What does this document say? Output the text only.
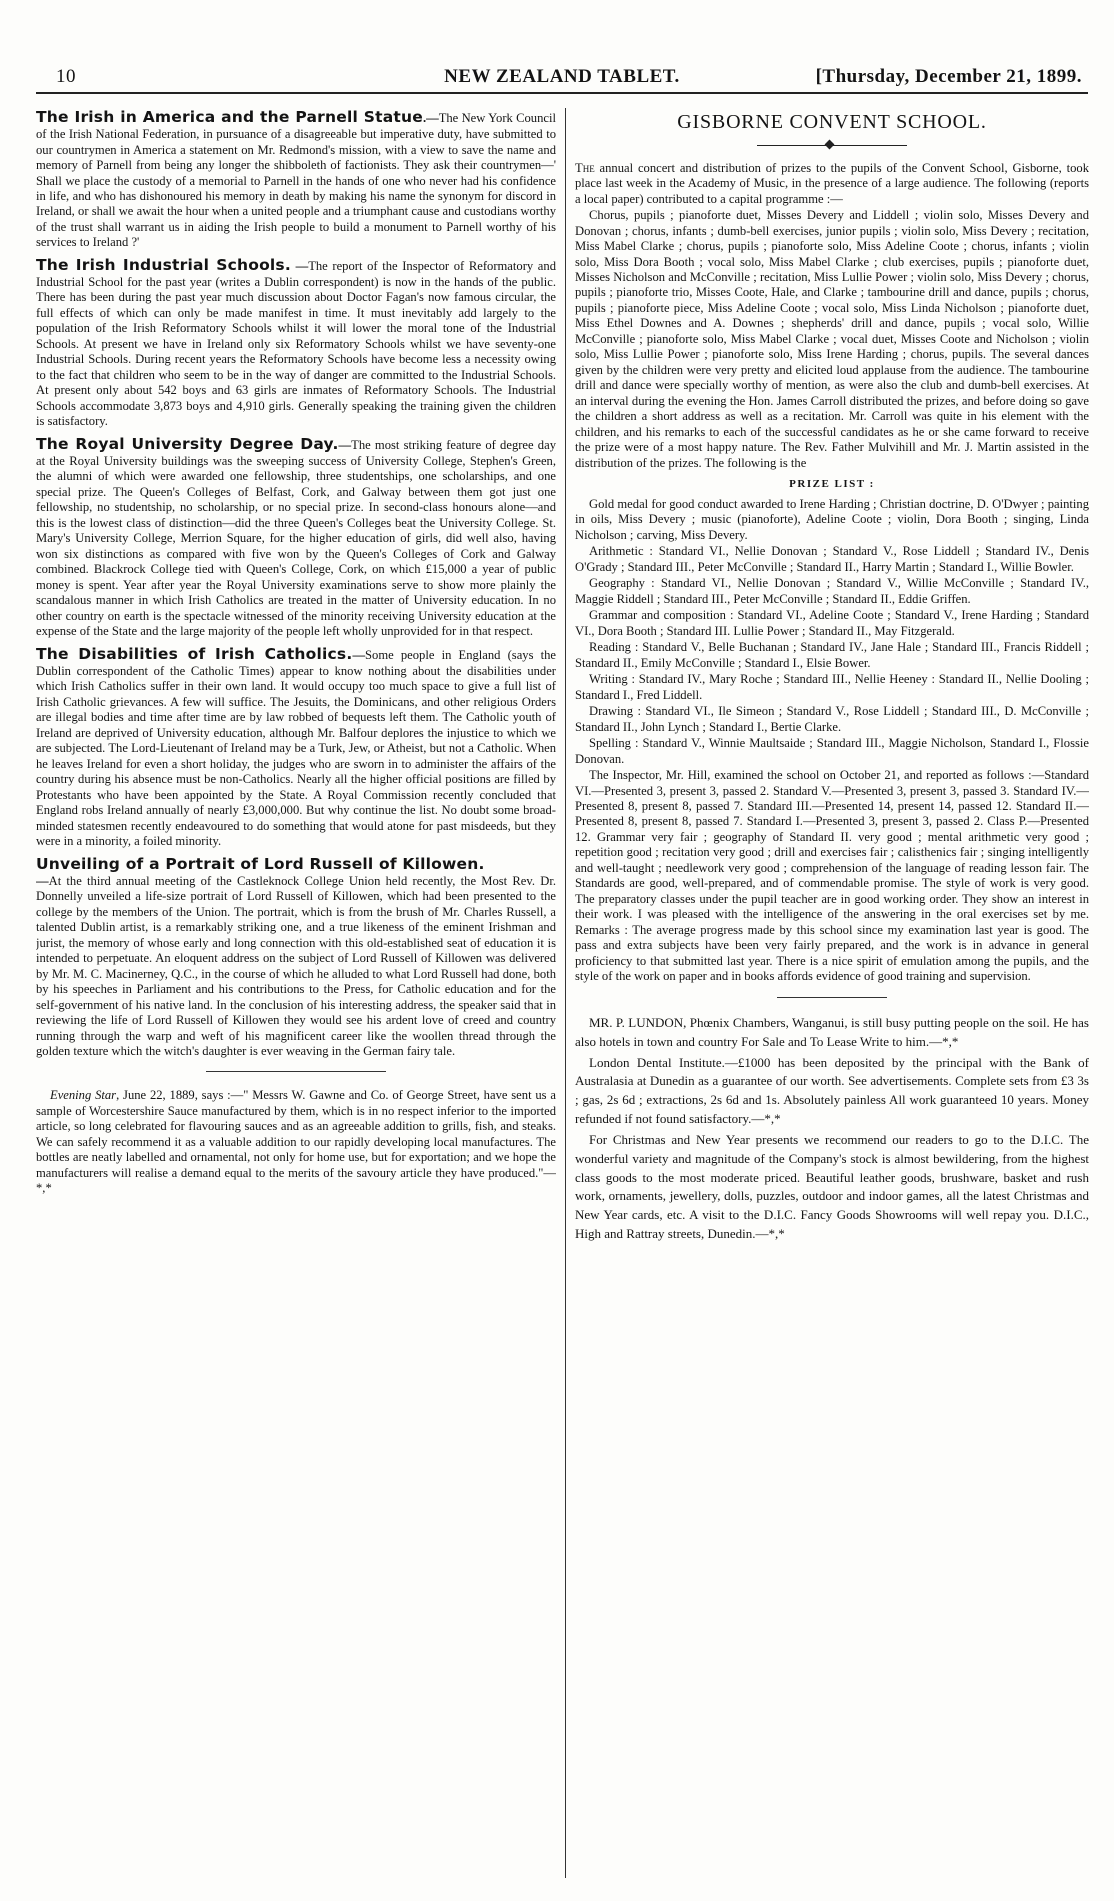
10	NEW ZEALAND TABLET.	[Thursday, December 21, 1899.

The Irish in America and the Parnell Statue.—The New York Council of the Irish National Federation, in pursuance of a disagreeable but imperative duty, have submitted to our countrymen in America a statement on Mr. Redmond's mission, with a view to save the name and memory of Parnell from being any longer the shibboleth of factionists. They ask their countrymen—' Shall we place the custody of a memorial to Parnell in the hands of one who never had his confidence in life, and who has dishonoured his memory in death by making his name the synonym for discord in Ireland, or shall we await the hour when a united people and a triumphant cause and custodians worthy of the trust shall warrant us in aiding the Irish people to build a monument to Parnell worthy of his services to Ireland ?'

The Irish Industrial Schools. —The report of the Inspector of Reformatory and Industrial School for the past year (writes a Dublin correspondent) is now in the hands of the public. There has been during the past year much discussion about Doctor Fagan's now famous circular, the full effects of which can only be made manifest in time. It must inevitably add largely to the population of the Irish Reformatory Schools whilst it will lower the moral tone of the Industrial Schools. At present we have in Ireland only six Reformatory Schools whilst we have seventy-one Industrial Schools. During recent years the Reformatory Schools have become less a necessity owing to the fact that children who seem to be in the way of danger are committed to the Industrial Schools. At present only about 542 boys and 63 girls are inmates of Reformatory Schools. The Industrial Schools accommodate 3,873 boys and 4,910 girls. Generally speaking the training given the children is satisfactory.

The Royal University Degree Day.—The most striking feature of degree day at the Royal University buildings was the sweeping success of University College, Stephen's Green, the alumni of which were awarded one fellowship, three studentships, one scholarships, and one special prize. The Queen's Colleges of Belfast, Cork, and Galway between them got just one fellowship, no studentship, no scholarship, or no special prize. In second-class honours alone—and this is the lowest class of distinction—did the three Queen's Colleges beat the University College. St. Mary's University College, Merrion Square, for the higher education of girls, did well also, having won six distinctions as compared with five won by the Queen's Colleges of Cork and Galway combined. Blackrock College tied with Queen's College, Cork, on which £15,000 a year of public money is spent. Year after year the Royal University examinations serve to show more plainly the scandalous manner in which Irish Catholics are treated in the matter of University education. In no other country on earth is the spectacle witnessed of the minority receiving University education at the expense of the State and the large majority of the people left wholly unprovided for in that respect.

The Disabilities of Irish Catholics.—Some people in England (says the Dublin correspondent of the Catholic Times) appear to know nothing about the disabilities under which Irish Catholics suffer in their own land. It would occupy too much space to give a full list of Irish Catholic grievances. A few will suffice. The Jesuits, the Dominicans, and other religious Orders are illegal bodies and time after time are by law robbed of bequests left them. The Catholic youth of Ireland are deprived of University education, although Mr. Balfour deplores the injustice to which we are subjected. The Lord-Lieutenant of Ireland may be a Turk, Jew, or Atheist, but not a Catholic. When he leaves Ireland for even a short holiday, the judges who are sworn in to administer the affairs of the country during his absence must be non-Catholics. Nearly all the higher official positions are filled by Protestants who have been appointed by the State. A Royal Commission recently concluded that England robs Ireland annually of nearly £3,000,000. But why continue the list. No doubt some broad-minded statesmen recently endeavoured to do something that would atone for past misdeeds, but they were in a minority, a foiled minority.

Unveiling of a Portrait of Lord Russell of Killowen.
—At the third annual meeting of the Castleknock College Union held recently, the Most Rev. Dr. Donnelly unveiled a life-size portrait of Lord Russell of Killowen, which had been presented to the college by the members of the Union. The portrait, which is from the brush of Mr. Charles Russell, a talented Dublin artist, is a remarkably striking one, and a true likeness of the eminent Irishman and jurist, the memory of whose early and long connection with this old-established seat of education it is intended to perpetuate. An eloquent address on the subject of Lord Russell of Killowen was delivered by Mr. M. C. Macinerney, Q.C., in the course of which he alluded to what Lord Russell had done, both by his speeches in Parliament and his contributions to the Press, for Catholic education and for the self-government of his native land. In the conclusion of his interesting address, the speaker said that in reviewing the life of Lord Russell of Killowen they would see his ardent love of creed and country running through the warp and weft of his magnificent career like the woollen thread through the golden texture which the witch's daughter is ever weaving in the German fairy tale.

Evening Star, June 22, 1889, says :—" Messrs W. Gawne and Co. of George Street, have sent us a sample of Worcestershire Sauce manufactured by them, which is in no respect inferior to the imported article, so long celebrated for flavouring sauces and as an agreeable addition to grills, fish, and steaks. We can safely recommend it as a valuable addition to our rapidly developing local manufactures. The bottles are neatly labelled and ornamental, not only for home use, but for exportation; and we hope the manufacturers will realise a demand equal to the merits of the savoury article they have produced."—*,*

GISBORNE CONVENT SCHOOL.

The annual concert and distribution of prizes to the pupils of the Convent School, Gisborne, took place last week in the Academy of Music, in the presence of a large audience. The following (reports a local paper) contributed to a capital programme :—

Chorus, pupils ; pianoforte duet, Misses Devery and Liddell ; violin solo, Misses Devery and Donovan ; chorus, infants ; dumb-bell exercises, junior pupils ; violin solo, Miss Devery ; recitation, Miss Mabel Clarke ; chorus, pupils ; pianoforte solo, Miss Adeline Coote ; chorus, infants ; violin solo, Miss Dora Booth ; vocal solo, Miss Mabel Clarke ; club exercises, pupils ; pianoforte duet, Misses Nicholson and McConville ; recitation, Miss Lullie Power ; violin solo, Miss Devery ; chorus, pupils ; pianoforte trio, Misses Coote, Hale, and Clarke ; tambourine drill and dance, pupils ; chorus, pupils ; pianoforte piece, Miss Adeline Coote ; vocal solo, Miss Linda Nicholson ; pianoforte duet, Miss Ethel Downes and A. Downes ; shepherds' drill and dance, pupils ; vocal solo, Willie McConville ; pianoforte solo, Miss Mabel Clarke ; vocal duet, Misses Coote and Nicholson ; violin solo, Miss Lullie Power ; pianoforte solo, Miss Irene Harding ; chorus, pupils. The several dances given by the children were very pretty and elicited loud applause from the audience. The tambourine drill and dance were specially worthy of mention, as were also the club and dumb-bell exercises. At an interval during the evening the Hon. James Carroll distributed the prizes, and before doing so gave the children a short address as well as a recitation. Mr. Carroll was quite in his element with the children, and his remarks to each of the successful candidates as he or she came forward to receive the prize were of a most happy nature. The Rev. Father Mulvihill and Mr. J. Martin assisted in the distribution of the prizes. The following is the

PRIZE LIST :

Gold medal for good conduct awarded to Irene Harding ; Christian doctrine, D. O'Dwyer ; painting in oils, Miss Devery ; music (pianoforte), Adeline Coote ; violin, Dora Booth ; singing, Linda Nicholson ; carving, Miss Devery.

Arithmetic : Standard VI., Nellie Donovan ; Standard V., Rose Liddell ; Standard IV., Denis O'Grady ; Standard III., Peter McConville ; Standard II., Harry Martin ; Standard I., Willie Bowler.

Geography : Standard VI., Nellie Donovan ; Standard V., Willie McConville ; Standard IV., Maggie Riddell ; Standard III., Peter McConville ; Standard II., Eddie Griffen.

Grammar and composition : Standard VI., Adeline Coote ; Standard V., Irene Harding ; Standard VI., Dora Booth ; Standard III. Lullie Power ; Standard II., May Fitzgerald.

Reading : Standard V., Belle Buchanan ; Standard IV., Jane Hale ; Standard III., Francis Riddell ; Standard II., Emily McConville ; Standard I., Elsie Bower.

Writing : Standard IV., Mary Roche ; Standard III., Nellie Heeney : Standard II., Nellie Dooling ; Standard I., Fred Liddell.

Drawing : Standard VI., Ile Simeon ; Standard V., Rose Liddell ; Standard III., D. McConville ; Standard II., John Lynch ; Standard I., Bertie Clarke.

Spelling : Standard V., Winnie Maultsaide ; Standard III., Maggie Nicholson, Standard I., Flossie Donovan.

The Inspector, Mr. Hill, examined the school on October 21, and reported as follows :—Standard VI.—Presented 3, present 3, passed 2. Standard V.—Presented 3, present 3, passed 3. Standard IV.—Presented 8, present 8, passed 7. Standard III.—Presented 14, present 14, passed 12. Standard II.—Presented 8, present 8, passed 7. Standard I.—Presented 3, present 3, passed 2. Class P.—Presented 12. Grammar very fair ; geography of Standard II. very good ; mental arithmetic very good ; repetition good ; recitation very good ; drill and exercises fair ; calisthenics fair ; singing intelligently and well-taught ; needlework very good ; comprehension of the language of reading lesson fair. The Standards are good, well-prepared, and of commendable promise. The style of work is very good. The preparatory classes under the pupil teacher are in good working order. They show an interest in their work. I was pleased with the intelligence of the answering in the oral exercises set by me. Remarks : The average progress made by this school since my examination last year is good. The pass and extra subjects have been very fairly prepared, and the work is in advance in general proficiency to that submitted last year. There is a nice spirit of emulation among the pupils, and the style of the work on paper and in books affords evidence of good training and supervision.

MR. P. LUNDON, Phœnix Chambers, Wanganui, is still busy putting people on the soil. He has also hotels in town and country For Sale and To Lease Write to him.—*,*

London Dental Institute.—£1000 has been deposited by the principal with the Bank of Australasia at Dunedin as a guarantee of our worth. See advertisements. Complete sets from £3 3s ; gas, 2s 6d ; extractions, 2s 6d and 1s. Absolutely painless All work guaranteed 10 years. Money refunded if not found satisfactory.—*,*

For Christmas and New Year presents we recommend our readers to go to the D.I.C. The wonderful variety and magnitude of the Company's stock is almost bewildering, from the highest class goods to the most moderate priced. Beautiful leather goods, brushware, basket and rush work, ornaments, jewellery, dolls, puzzles, outdoor and indoor games, all the latest Christmas and New Year cards, etc. A visit to the D.I.C. Fancy Goods Showrooms will well repay you. D.I.C., High and Rattray streets, Dunedin.—*,*
